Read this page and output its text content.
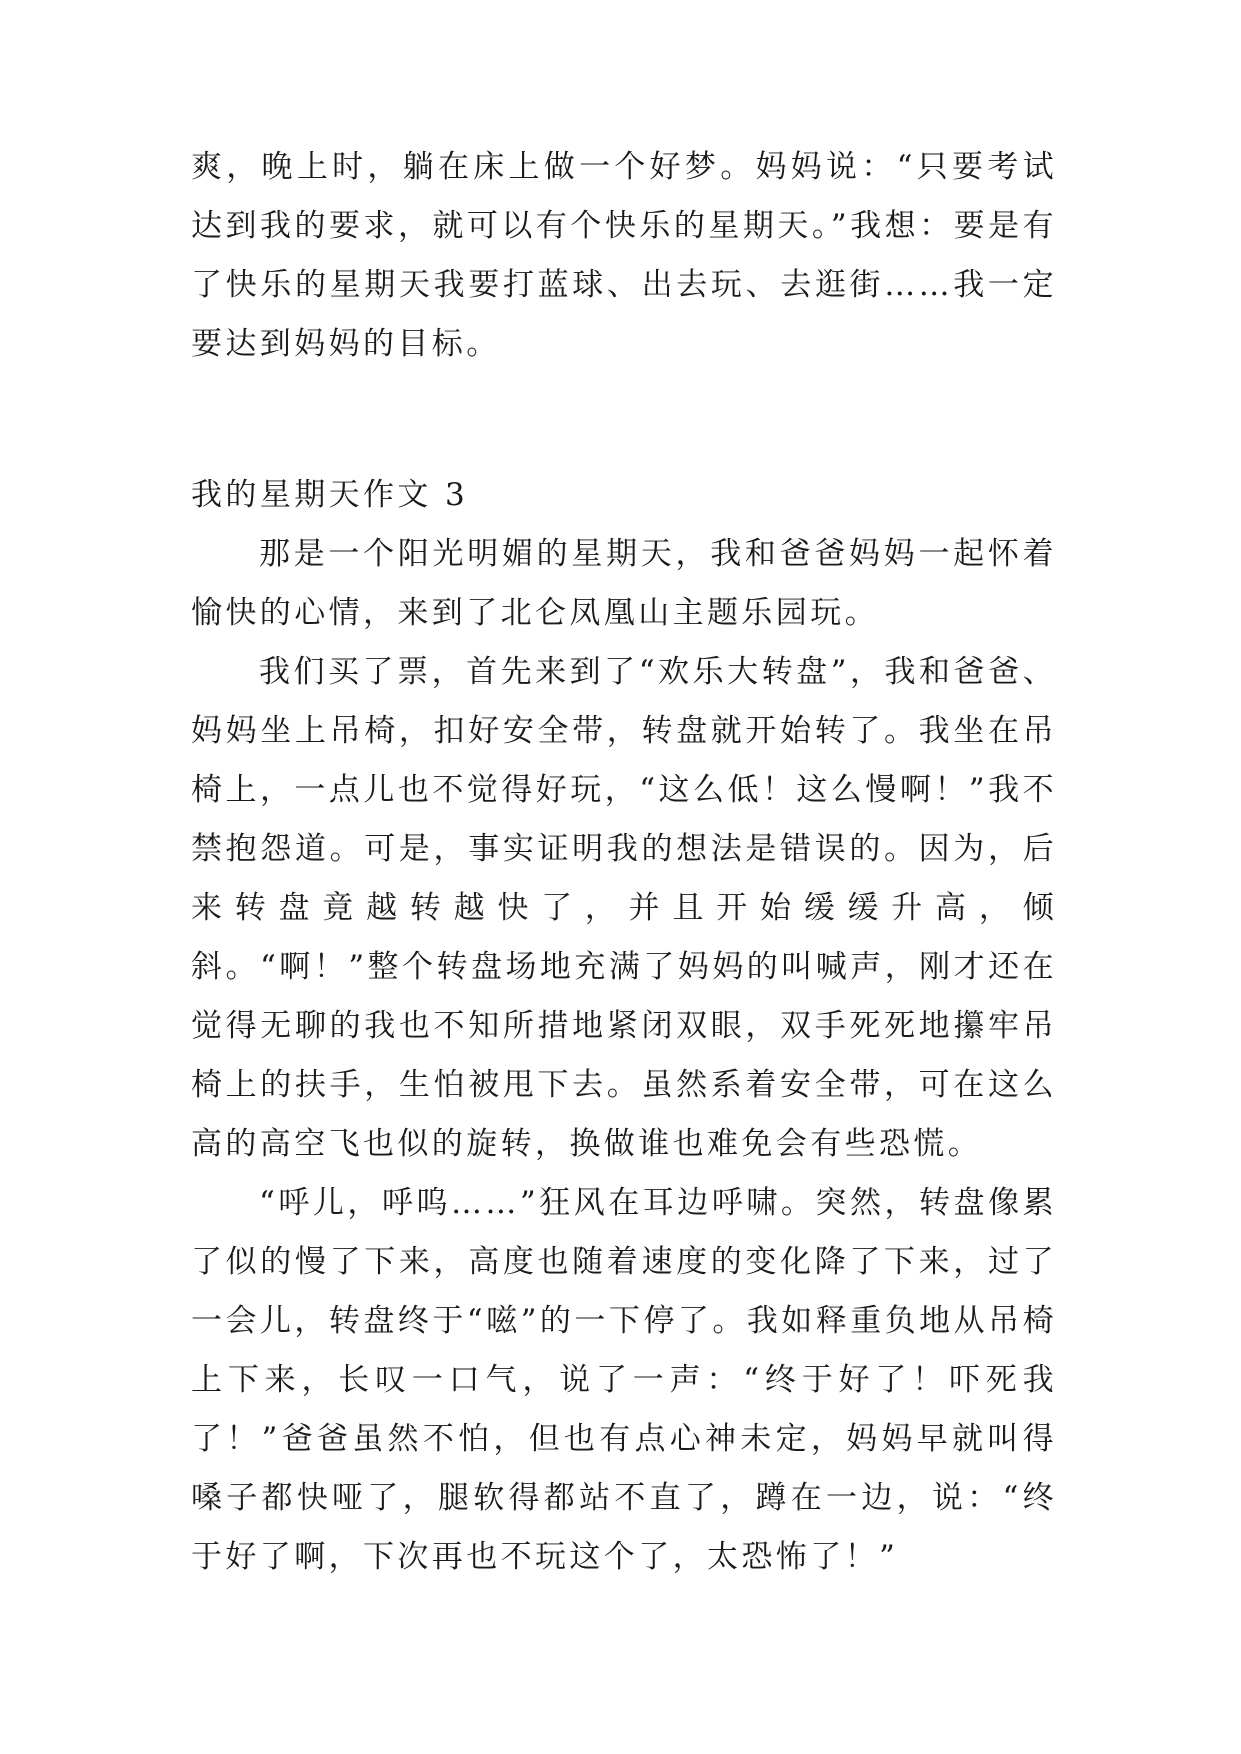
爽，晚上时，躺在床上做一个好梦。妈妈说：“只要考试达到我的要求，就可以有个快乐的星期天。”我想：要是有了快乐的星期天我要打蓝球、出去玩、去逛街……我一定要达到妈妈的目标。

我的星期天作文 3

那是一个阳光明媚的星期天，我和爸爸妈妈一起怀着愉快的心情，来到了北仑凤凰山主题乐园玩。

我们买了票，首先来到了“欢乐大转盘”，我和爸爸、妈妈坐上吊椅，扣好安全带，转盘就开始转了。我坐在吊椅上，一点儿也不觉得好玩，“这么低！这么慢啊！”我不禁抱怨道。可是，事实证明我的想法是错误的。因为，后来转盘竟越转越快了，并且开始缓缓升高，倾斜。“啊！”整个转盘场地充满了妈妈的叫喊声，刚才还在觉得无聊的我也不知所措地紧闭双眼，双手死死地攥牢吊椅上的扶手，生怕被甩下去。虽然系着安全带，可在这么高的高空飞也似的旋转，换做谁也难免会有些恐慌。

“呼儿，呼呜……”狂风在耳边呼啸。突然，转盘像累了似的慢了下来，高度也随着速度的变化降了下来，过了一会儿，转盘终于“嗞”的一下停了。我如释重负地从吊椅上下来，长叹一口气，说了一声：“终于好了！吓死我了！”爸爸虽然不怕，但也有点心神未定，妈妈早就叫得嗓子都快哑了，腿软得都站不直了，蹲在一边，说：“终于好了啊，下次再也不玩这个了，太恐怖了！”
